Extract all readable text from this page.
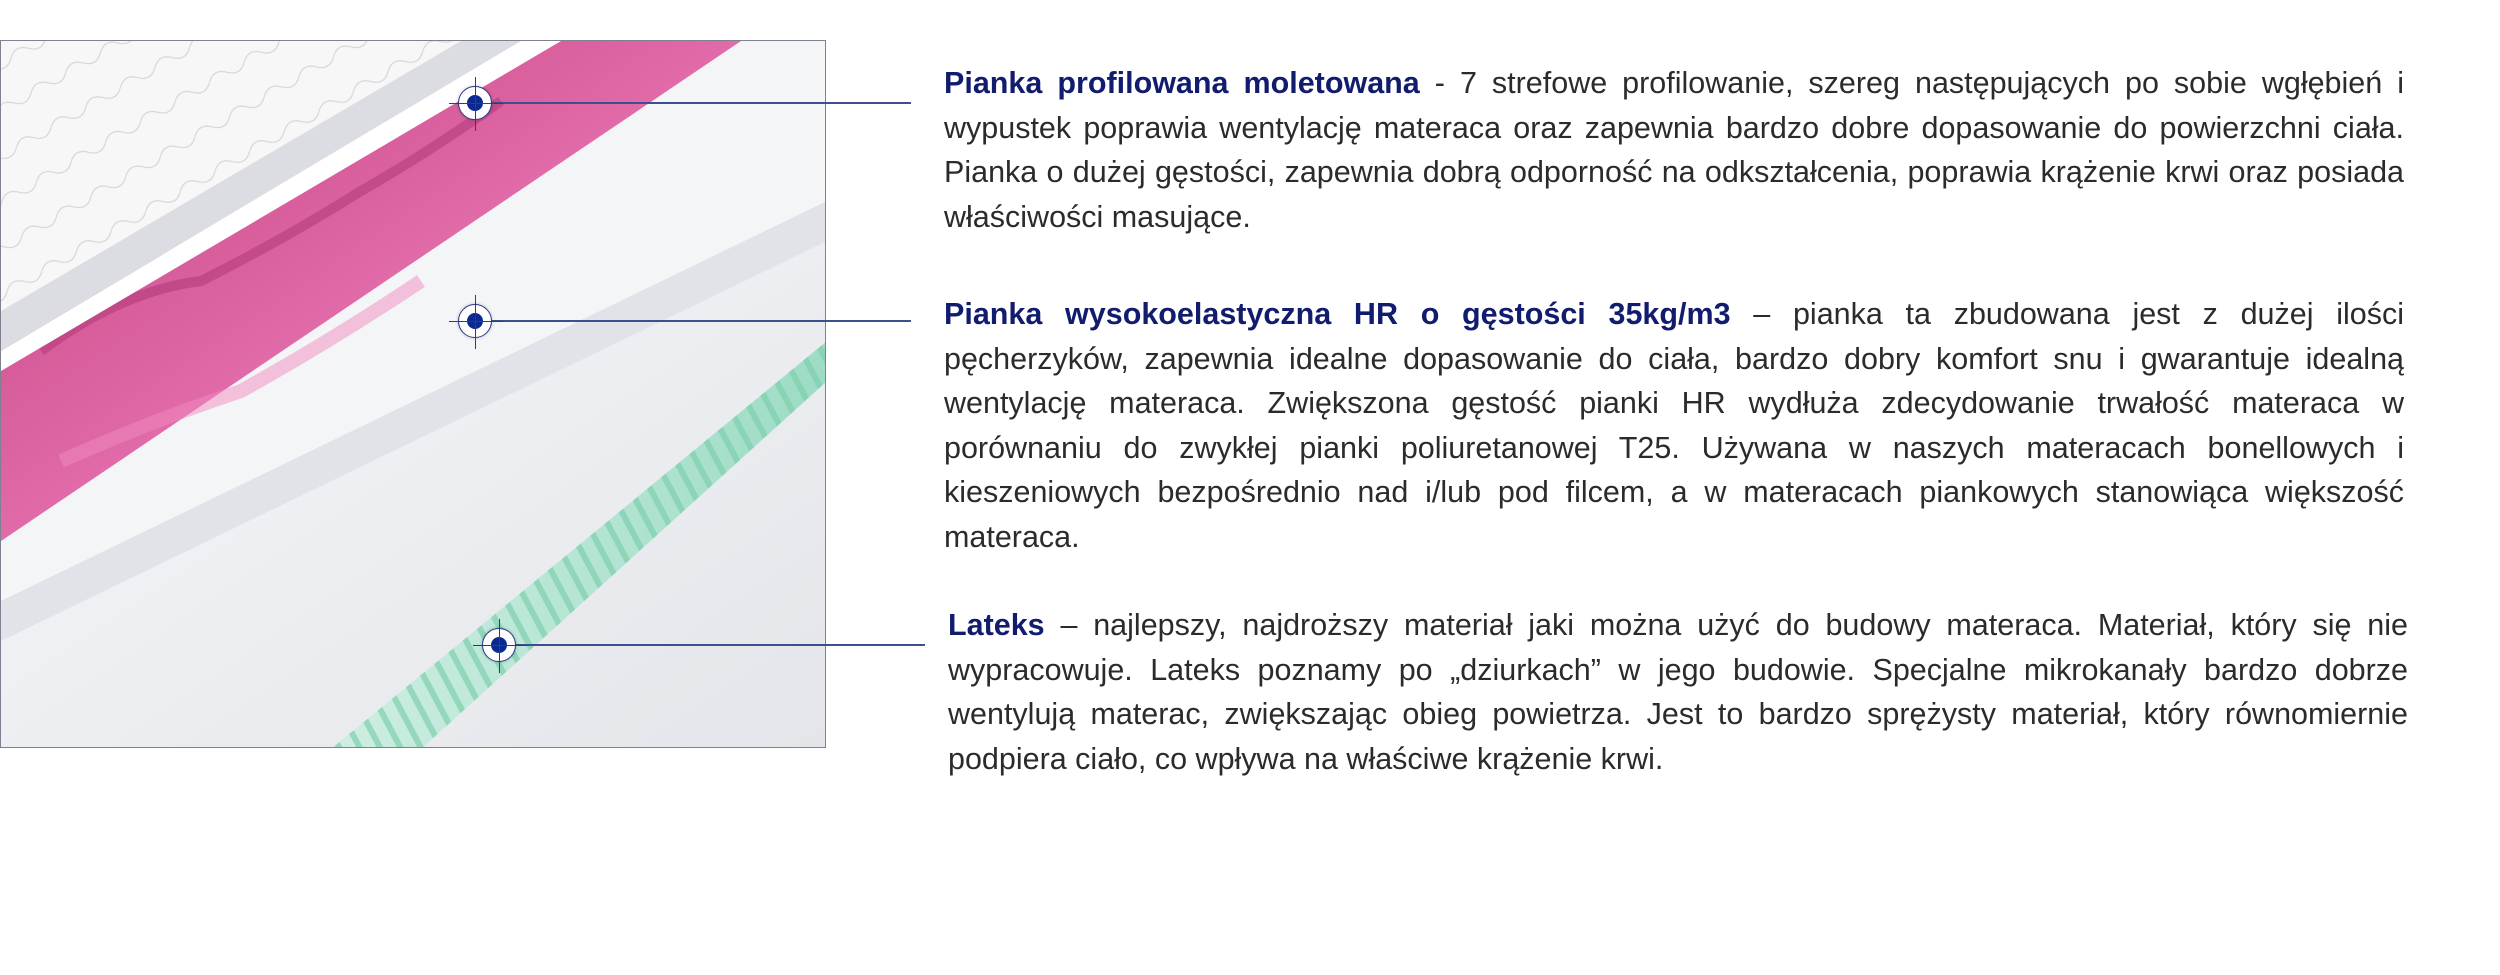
Pianka profilowana moletowana - 7 strefowe profilowanie, szereg następujących po sobie wgłębień i wypustek poprawia wentylację materaca oraz zapewnia bardzo dobre dopasowanie do powierzchni ciała. Pianka o dużej gęstości, zapewnia dobrą odporność na odkształcenia, poprawia krążenie krwi oraz posiada właściwości masujące.

Pianka wysokoelastyczna HR o gęstości 35kg/m3 – pianka ta zbudowana jest z dużej ilości pęcherzyków, zapewnia idealne dopasowanie do ciała, bardzo dobry komfort snu i gwarantuje idealną wentylację materaca. Zwiększona gęstość pianki HR wydłuża zdecydowanie trwałość materaca w porównaniu do zwykłej pianki poliuretanowej T25. Używana w naszych materacach bonellowych i kieszeniowych bezpośrednio nad i/lub pod filcem, a w materacach piankowych stanowiąca większość materaca.

Lateks – najlepszy, najdroższy materiał jaki można użyć do budowy materaca. Materiał, który się nie wypracowuje. Lateks poznamy po „dziurkach” w jego budowie. Specjalne mikrokanały bardzo dobrze wentylują materac, zwiększając obieg powietrza. Jest to bardzo sprężysty materiał, który równomiernie podpiera ciało, co wpływa na właściwe krążenie krwi.
